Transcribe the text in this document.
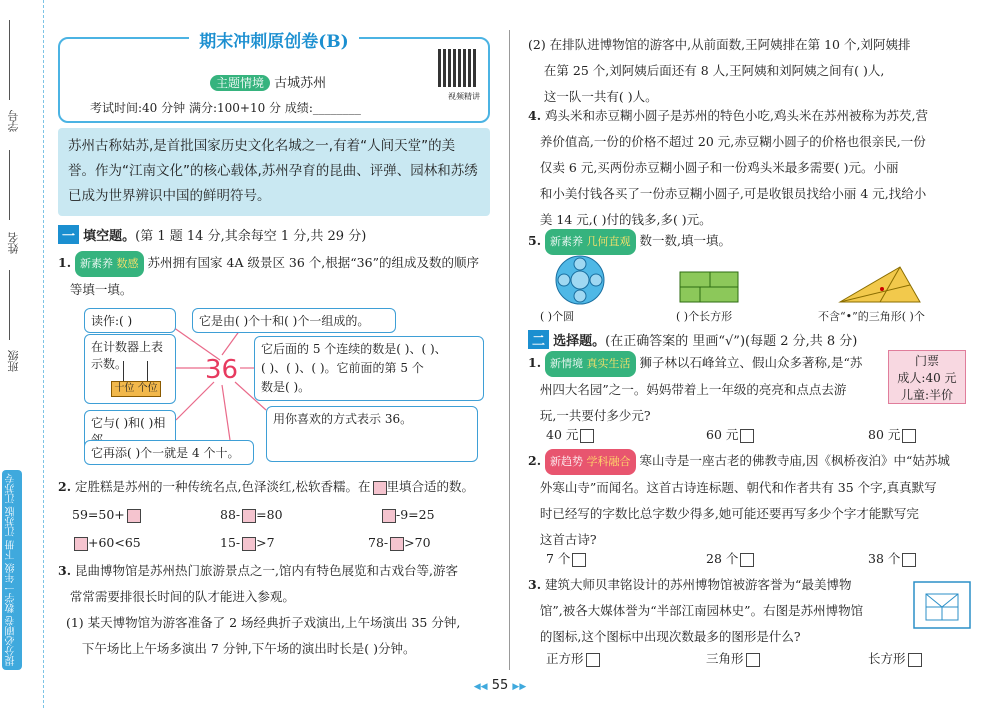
学号
姓名
班级
提分必刷卷 数学一年级 下册 江苏版 江苏专版
期末冲刺原创卷(B)
主题情境 古城苏州
考试时间:40 分钟 满分:100+10 分 成绩:________
视频精讲
苏州古称姑苏,是首批国家历史文化名城之一,有着“人间天堂”的美誉。作为“江南文化”的核心载体,苏州孕育的昆曲、评弹、园林和苏绣已成为世界辨识中国的鲜明符号。
一 填空题。(第 1 题 14 分,其余每空 1 分,共 29 分)
1. 新素养 数感 苏州拥有国家 4A 级景区 36 个,根据“36”的组成及数的顺序
等填一填。
36
读作:( )	它是由( )个十和( )个一组成的。
在计数器上表示数。
十位 个位
它后面的 5 个连续的数是( )、( )、
( )、( )、( )。它前面的第 5 个
数是( )。
它与( )和( )相	用你喜欢的方式表示 36。
它再添( )个一就是 4 个十。
2. 定胜糕是苏州的一种传统名点,色泽淡红,松软香糯。在 里填合适的数。
59=50+	88- =80	-9=25
+60<65	15- >7	78- >70
3. 昆曲博物馆是苏州热门旅游景点之一,馆内有特色展览和古戏台等,游客
常常需要排很长时间的队才能进入参观。
(1) 某天博物馆为游客准备了 2 场经典折子戏演出,上午场演出 35 分钟,
下午场比上午场多演出 7 分钟,下午场的演出时长是( )分钟。
(2) 在排队进博物馆的游客中,从前面数,王阿姨排在第 10 个,刘阿姨排
在第 25 个,刘阿姨后面还有 8 人,王阿姨和刘阿姨之间有( )人,
这一队一共有( )人。
4. 鸡头米和赤豆糊小圆子是苏州的特色小吃,鸡头米在苏州被称为苏芡,营
养价值高,一份的价格不超过 20 元,赤豆糊小圆子的价格也很亲民,一份
仅卖 6 元,买两份赤豆糊小圆子和一份鸡头米最多需要( )元。小丽
和小美付钱各买了一份赤豆糊小圆子,可是收银员找给小丽 4 元,找给小
美 14 元,( )付的钱多,多( )元。
5. 新素养 几何直观 数一数,填一填。
( )个圆	( )个长方形	不含“•”的三角形( )个
二 选择题。(在正确答案的 里画“√”)(每题 2 分,共 8 分)
1. 新情境 真实生活 狮子林以石峰耸立、假山众多著称,是“苏
州四大名园”之一。妈妈带着上一年级的亮亮和点点去游
玩,一共要付多少元?
门票
成人:40 元
儿童:半价
40 元	60 元	80 元
2. 新趋势 学科融合 寒山寺是一座古老的佛教寺庙,因《枫桥夜泊》中“姑苏城
外寒山寺”而闻名。这首古诗连标题、朝代和作者共有 35 个字,真真默写
时已经写的字数比总字数少得多,她可能还要再写多少个字才能默写完
这首古诗?
7 个	28 个	38 个
3. 建筑大师贝聿铭设计的苏州博物馆被游客誉为“最美博物
馆”,被各大媒体誉为“半部江南园林史”。右图是苏州博物馆
的图标,这个图标中出现次数最多的图形是什么?
正方形	三角形	长方形
◀◀ 55 ▶▶
